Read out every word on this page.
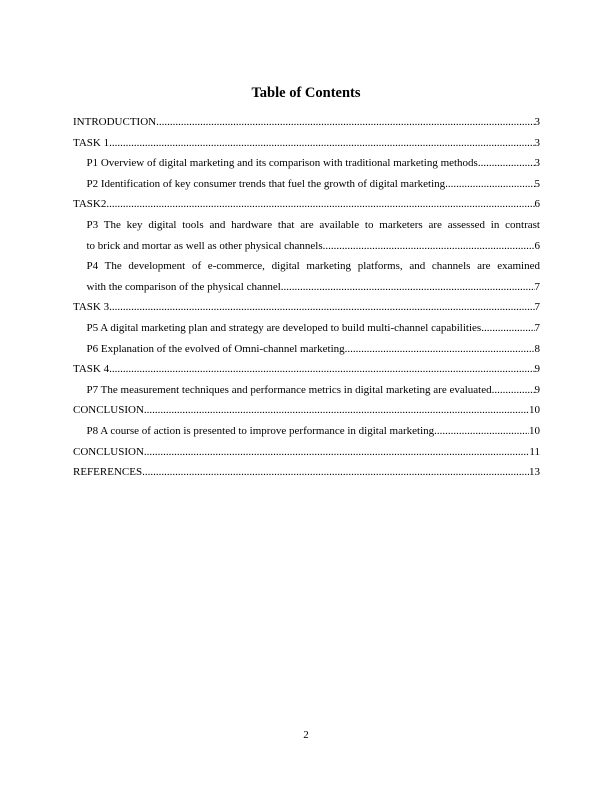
Table of Contents
INTRODUCTION .....	3
TASK 1 .....	3
P1 Overview of digital marketing and its comparison with traditional marketing methods .....	3
P2 Identification of key consumer trends that fuel the growth of digital marketing .....	5
TASK2 .....	6
P3 The key digital tools and hardware that are available to marketers are assessed in contrast
to brick and mortar as well as other physical channels .....	6
P4 The development of e-commerce, digital marketing platforms, and channels are examined
with the comparison of the physical channel .....	7
TASK 3 .....	7
P5 A digital marketing plan and strategy are developed to build multi-channel capabilities .....	7
P6 Explanation of the evolved of Omni-channel marketing .....	8
TASK 4 .....	9
P7 The measurement techniques and performance metrics in digital marketing are evaluated .....	9
CONCLUSION .....	10
P8 A course of action is presented to improve performance in digital marketing .....	10
CONCLUSION .....	11
REFERENCES .....	13
2
